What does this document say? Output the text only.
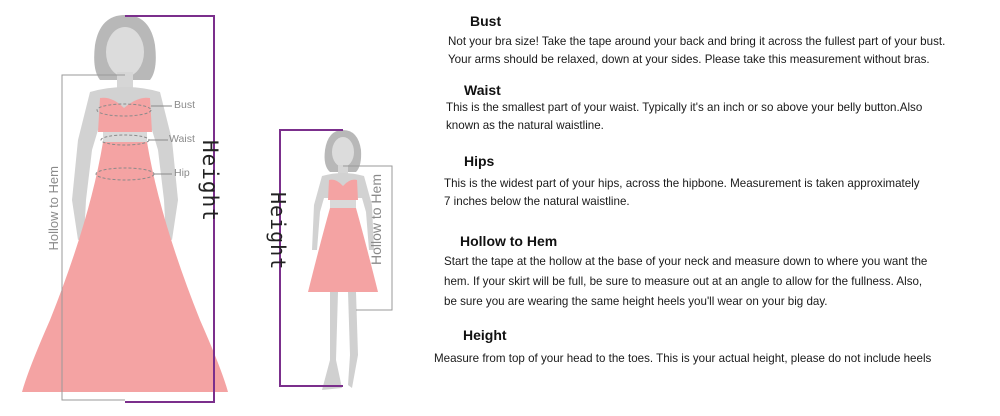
Bust
Waist
Hip Height
Hollow to Hem	Height	Hollow to Hem
Bust
Not your bra size! Take the tape around your back and bring it across the fullest part of your bust.
Your arms should be relaxed, down at your sides. Please take this measurement without bras.
Waist
This is the smallest part of your waist. Typically it's an inch or so above your belly button.Also
known as the natural waistline.
Hips
This is the widest part of your hips, across the hipbone. Measurement is taken approximately
7 inches below the natural waistline.
Hollow to Hem
Start the tape at the hollow at the base of your neck and measure down to where you want the
hem. If your skirt will be full, be sure to measure out at an angle to allow for the fullness. Also,
be sure you are wearing the same height heels you'll wear on your big day.
Height
Measure from top of your head to the toes. This is your actual height, please do not include heels
